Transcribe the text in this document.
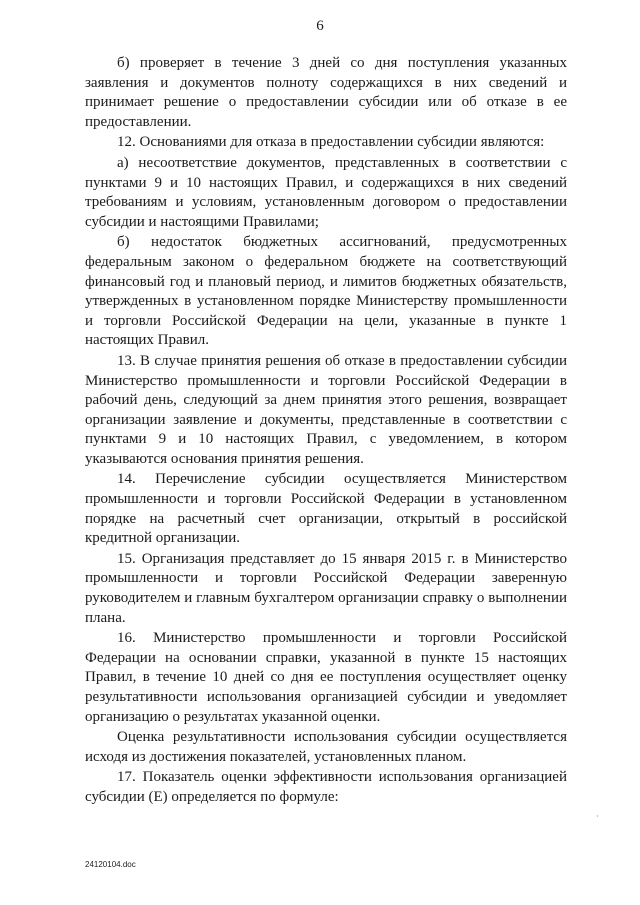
6

б) проверяет в течение 3 дней со дня поступления указанных заявления и документов полноту содержащихся в них сведений и принимает решение о предоставлении субсидии или об отказе в ее предоставлении.

12. Основаниями для отказа в предоставлении субсидии являются:

а) несоответствие документов, представленных в соответствии с пунктами 9 и 10 настоящих Правил, и содержащихся в них сведений требованиям и условиям, установленным договором о предоставлении субсидии и настоящими Правилами;

б) недостаток бюджетных ассигнований, предусмотренных федеральным законом о федеральном бюджете на соответствующий финансовый год и плановый период, и лимитов бюджетных обязательств, утвержденных в установленном порядке Министерству промышленности и торговли Российской Федерации на цели, указанные в пункте 1 настоящих Правил.

13. В случае принятия решения об отказе в предоставлении субсидии Министерство промышленности и торговли Российской Федерации в рабочий день, следующий за днем принятия этого решения, возвращает организации заявление и документы, представленные в соответствии с пунктами 9 и 10 настоящих Правил, с уведомлением, в котором указываются основания принятия решения.

14. Перечисление субсидии осуществляется Министерством промышленности и торговли Российской Федерации в установленном порядке на расчетный счет организации, открытый в российской кредитной организации.

15. Организация представляет до 15 января 2015 г. в Министерство промышленности и торговли Российской Федерации заверенную руководителем и главным бухгалтером организации справку о выполнении плана.

16. Министерство промышленности и торговли Российской Федерации на основании справки, указанной в пункте 15 настоящих Правил, в течение 10 дней со дня ее поступления осуществляет оценку результативности использования организацией субсидии и уведомляет организацию о результатах указанной оценки.

Оценка результативности использования субсидии осуществляется исходя из достижения показателей, установленных планом.

17. Показатель оценки эффективности использования организацией субсидии (Е) определяется по формуле:

·
24120104.doc
